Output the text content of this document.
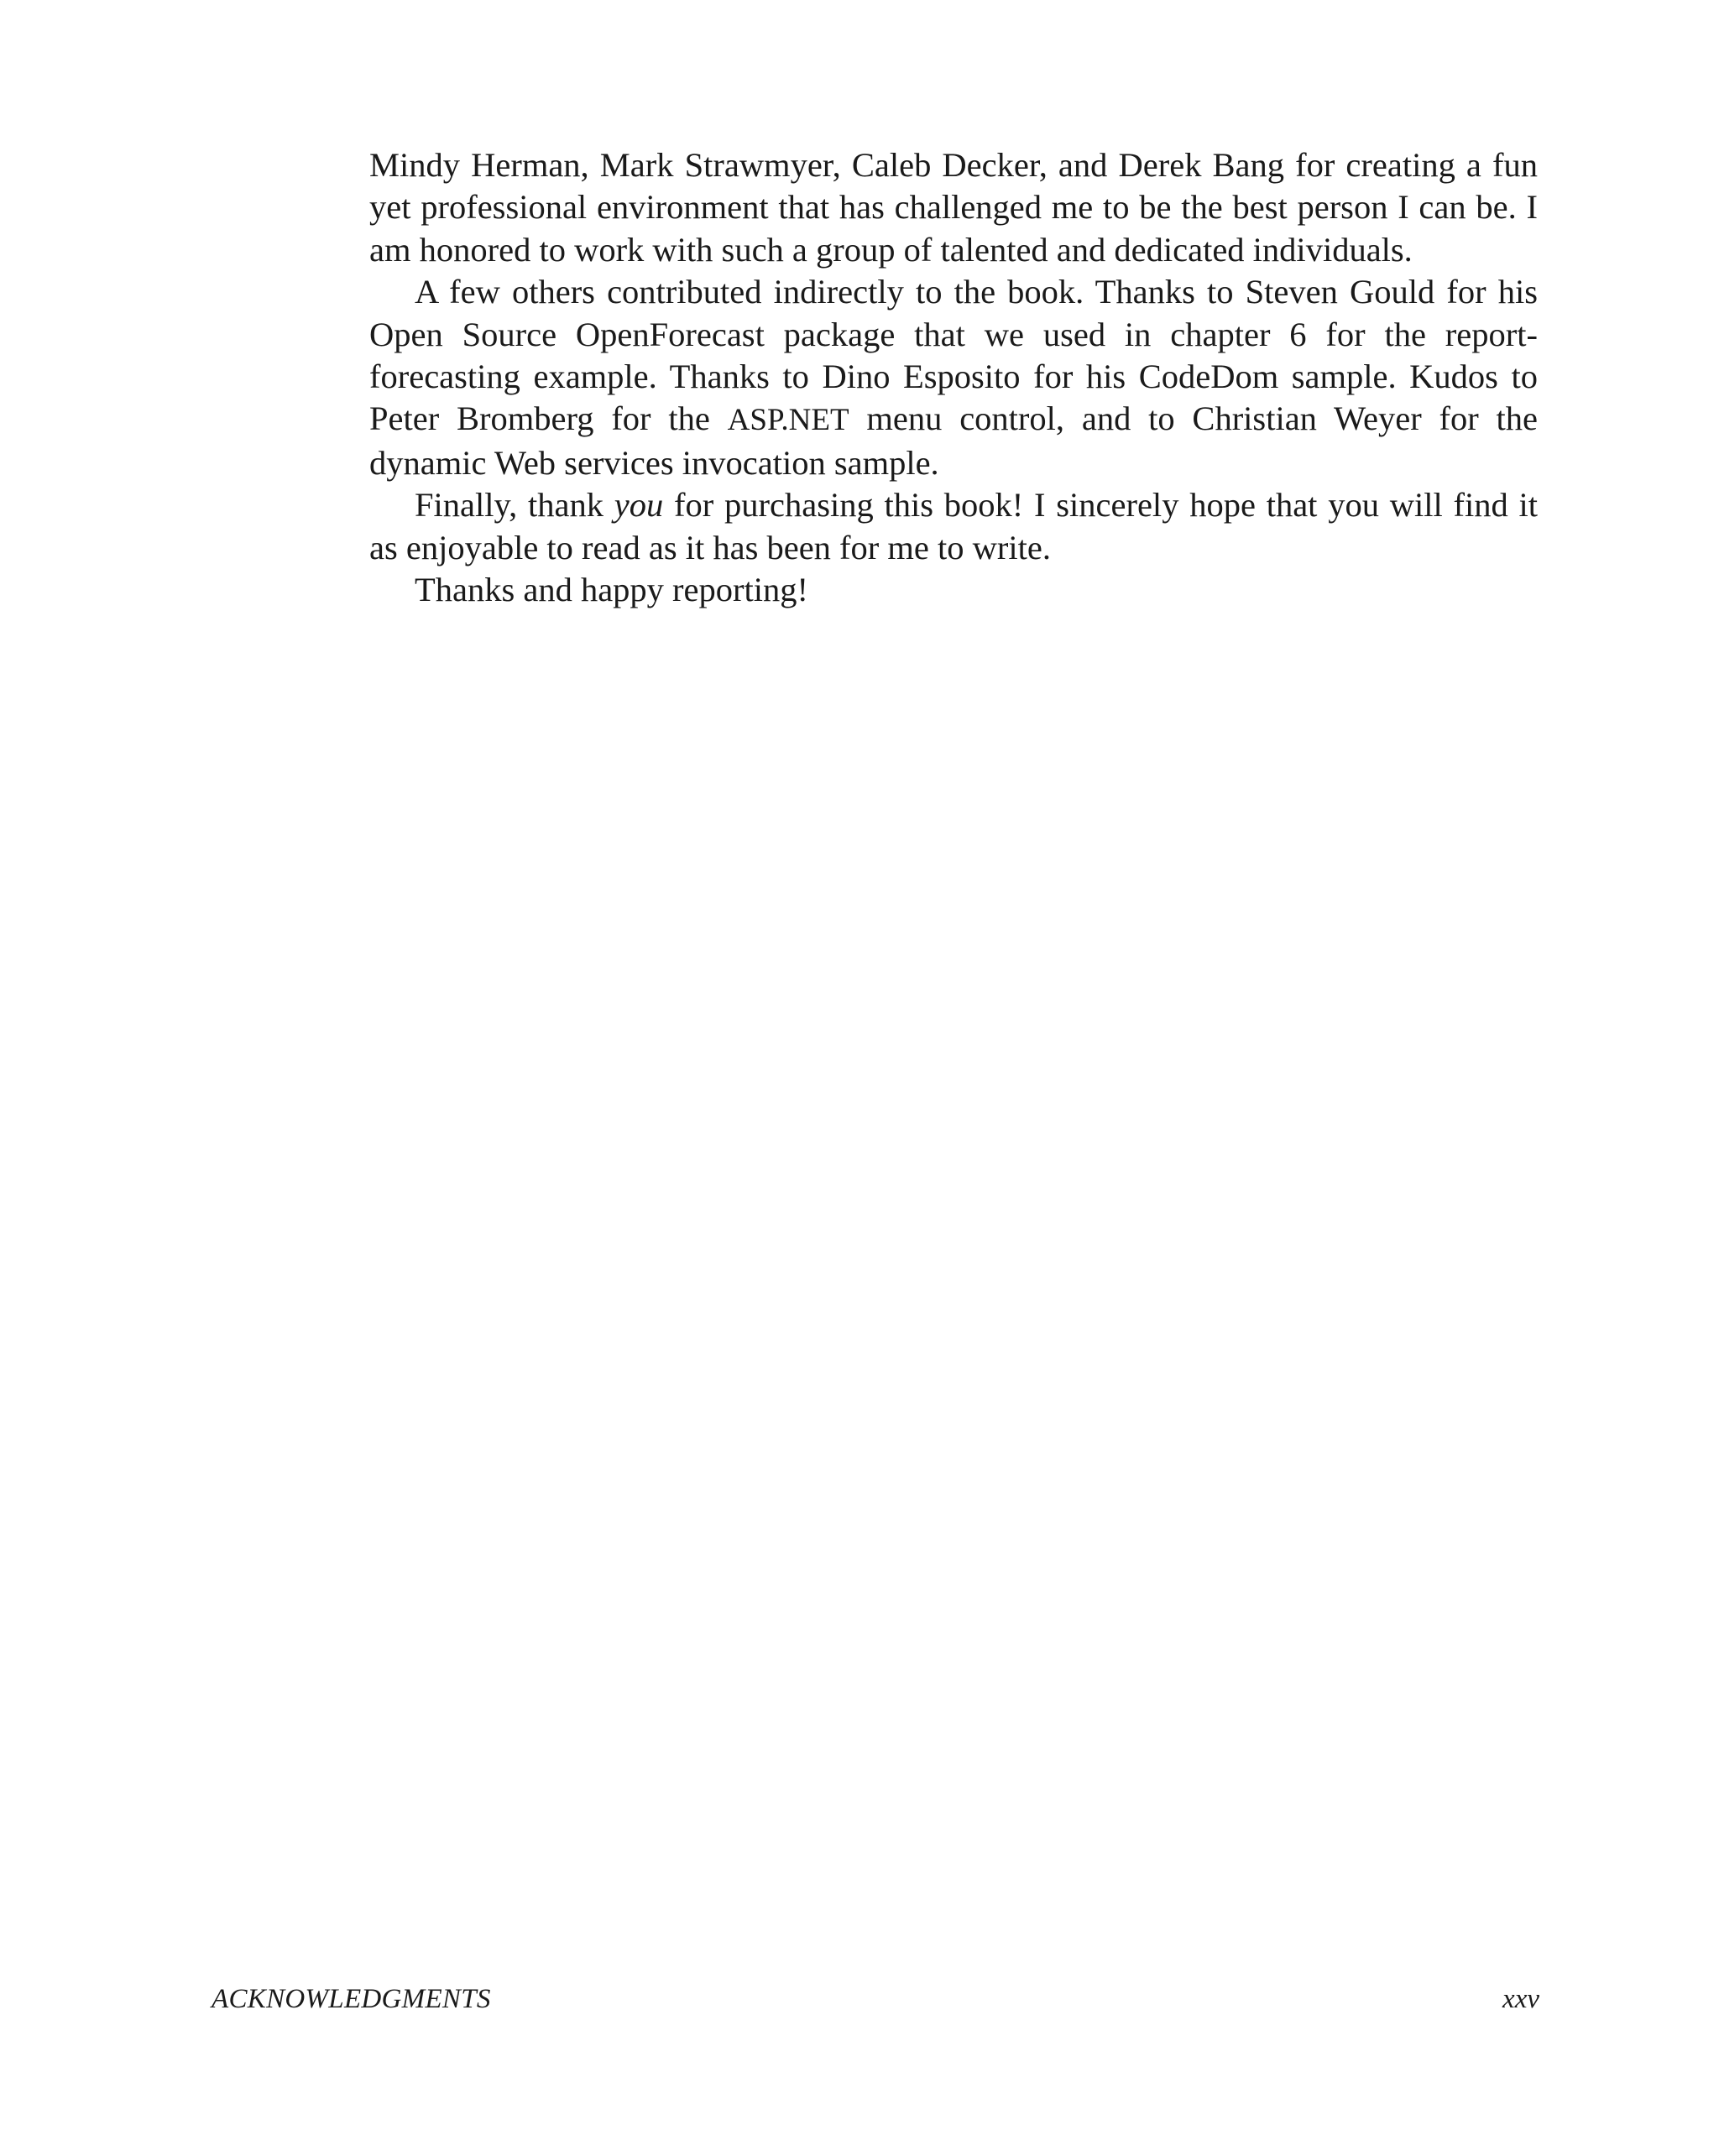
Mindy Herman, Mark Strawmyer, Caleb Decker, and Derek Bang for creating a fun yet professional environment that has challenged me to be the best person I can be. I am honored to work with such a group of talented and dedicated individuals.

A few others contributed indirectly to the book. Thanks to Steven Gould for his Open Source OpenForecast package that we used in chapter 6 for the report-forecasting example. Thanks to Dino Esposito for his CodeDom sample. Kudos to Peter Bromberg for the ASP.NET menu control, and to Christian Weyer for the dynamic Web services invocation sample.

Finally, thank you for purchasing this book! I sincerely hope that you will find it as enjoyable to read as it has been for me to write.

Thanks and happy reporting!

ACKNOWLEDGMENTS	xxv
